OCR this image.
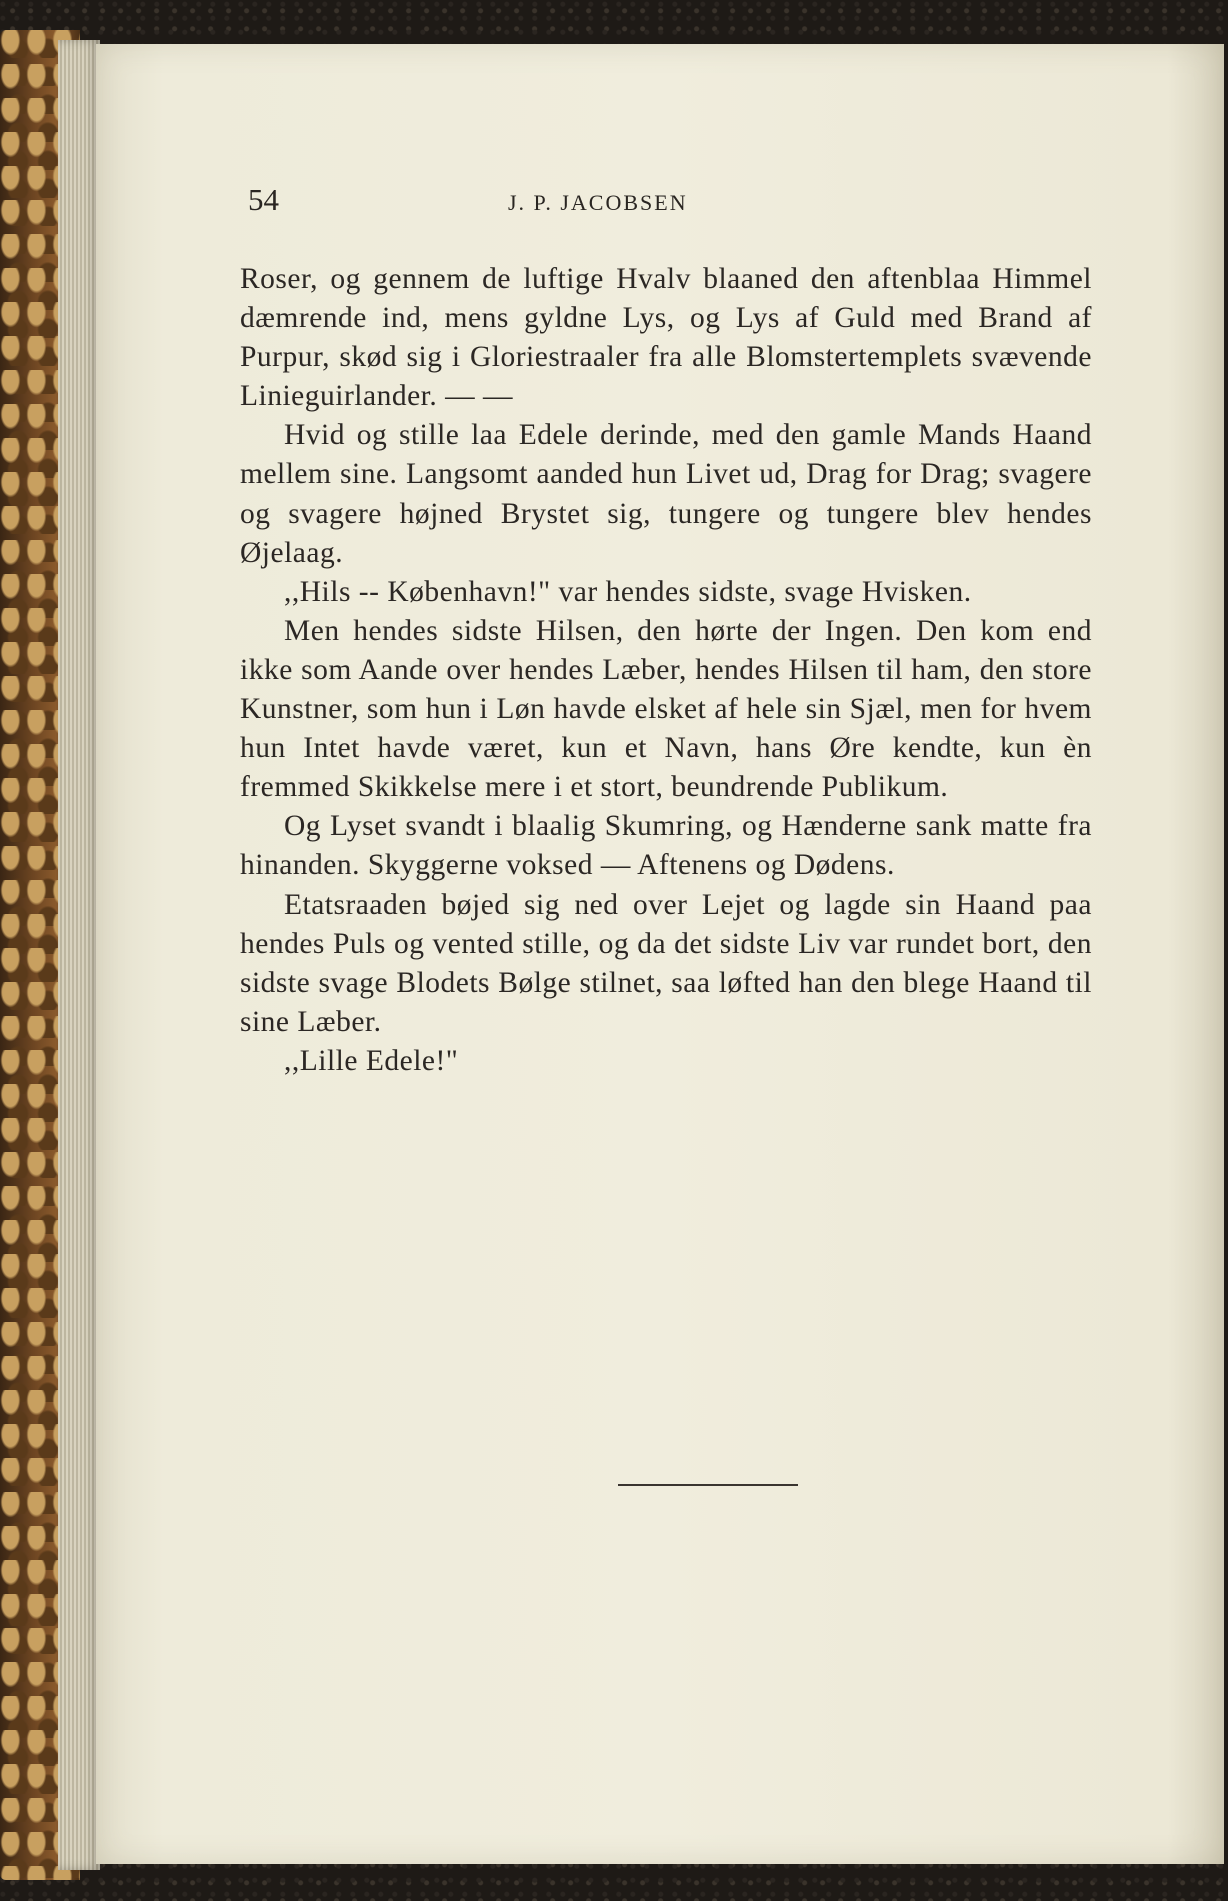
54	J. P. JACOBSEN

Roser, og gennem de luftige Hvalv blaaned den aftenblaa Himmel dæmrende ind, mens gyldne Lys, og Lys af Guld med Brand af Purpur, skød sig i Gloriestraaler fra alle Blomstertemplets svævende Linieguirlander. — —

Hvid og stille laa Edele derinde, med den gamle Mands Haand mellem sine. Langsomt aanded hun Livet ud, Drag for Drag; svagere og svagere højned Brystet sig, tungere og tungere blev hendes Øjelaag.

,,Hils -- København!" var hendes sidste, svage Hvisken.

Men hendes sidste Hilsen, den hørte der Ingen. Den kom end ikke som Aande over hendes Læber, hendes Hilsen til ham, den store Kunstner, som hun i Løn havde elsket af hele sin Sjæl, men for hvem hun Intet havde været, kun et Navn, hans Øre kendte, kun èn fremmed Skikkelse mere i et stort, beundrende Publikum.

Og Lyset svandt i blaalig Skumring, og Hænderne sank matte fra hinanden. Skyggerne voksed — Aftenens og Dødens.

Etatsraaden bøjed sig ned over Lejet og lagde sin Haand paa hendes Puls og vented stille, og da det sidste Liv var rundet bort, den sidste svage Blodets Bølge stilnet, saa løfted han den blege Haand til sine Læber.

,,Lille Edele!"
